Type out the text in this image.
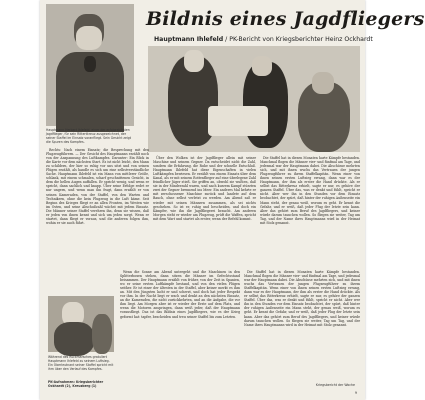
Bildnis eines Jagdfliegers
Hauptmann Ihlefeld / PK-Bericht von Kriegsberichter Heinz Ockhardt
Hauptmann Herbert Ihlefeld, einer der erfolgreichsten Jagdflieger, für sein Rittertkreuz ausgezeichnet, der seiner Staffel im Einsatz voranfliegt. Sein Gesicht zeigt die Spuren des Kampfes.

Rechts: Nach einem Einsatz; die Besprechung mit den Flugzeugführern. — Der Gesicht des Hauptmanns erzählt noch von der Anspannung des Luftkampfes. Darunter: Ein Blick in die Karte vor dem nächsten Start. Es ist nicht leicht, den Mann zu schildern, der hier so ruhig vor uns sitzt und von seinen Flügen erzählt, als handle es sich um eine selbstverständliche Sache. Hauptmann Ihlefeld ist ein Mann von mittlerer Größe, schlank, mit einem schmalen, scharf geschnittenen Gesicht, in dem die hellen Augen auffallen. Er spricht wenig, und wenn er spricht, dann sachlich und knapp. Über seine Erfolge redet er nur ungern, und wenn man ihn fragt, dann erzählt er von seinen Kameraden, von der Staffel, von den Warten und Technikern, ohne die kein Flugzeug in die Luft käme. Seit Beginn des Krieges fliegt er an allen Fronten, im Westen wie im Osten, und seine Abschußzahl wächst mit jedem Einsatz. Die Männer seiner Staffel verehren ihn, denn sie wissen, daß er jeden von ihnen kennt und sich um jeden sorgt. Wenn er startet, dann fliegt er voraus, und die anderen folgen ihm, wohin er sie auch führt.

Über den Wolken ist der Jagdflieger allein mit seiner Maschine und seinem Gegner. Da entscheidet nicht die Zahl, sondern die Erfahrung, die Ruhe und der schnelle Entschluß. Hauptmann Ihlefeld hat diese Eigenschaften in vielen Luftkämpfen bewiesen. Er erzählt von einem Einsatz über dem Kanal, als er mit seinem Rottenflieger auf eine überlegene Zahl feindlicher Jäger stieß. Sie griffen an, obwohl sie wußten, daß sie in der Minderzahl waren, und nach kurzem Kampf stürzten zwei der Gegner brennend ins Meer. Ein anderes Mal kehrte er mit zerschossener Maschine zurück und landete auf dem Bauch, ohne selbst verletzt zu werden. Am Abend saß er wieder mit seinen Männern zusammen, als sei nichts geschehen. So ist er, ruhig und bescheiden, und doch ein Kämpfer, wie ihn die Jagdfliegerei braucht. Am anderen Morgen steht er wieder am Flugzeug, prüft die Waffen, spricht mit dem Wart und startet als erster, wenn der Befehl kommt.

Die Staffel hat in diesen Monaten harte Kämpfe bestanden. Manchmal flogen die Männer vier- und fünfmal am Tage, und jedesmal war der Hauptmann dabei. Die Abschüsse mehrten sich, und mit ihnen wuchs das Vertrauen der jungen Flugzeugführer zu ihrem Staffelkapitän. Wenn einer von ihnen seinen ersten Luftsieg errang, dann war es der Hauptmann, der ihm als erster die Hand drückte. Als er selbst das Ritterkreuz erhielt, sagte er nur, es gehöre der ganzen Staffel. Über das, was er denkt und fühlt, spricht er nicht. Aber wer ihn in den Stunden vor dem Einsatz beobachtet, der spürt, daß hinter der ruhigen Außenseite ein Mann steht, der genau weiß, worum es geht. Er kennt die Gefahr, und er weiß, daß jeder Flug der letzte sein kann. Aber das gehört zum Beruf des Jagdfliegers, und keiner würde darum tauschen wollen. So fliegen sie weiter, Tag um Tag, und der Name ihres Hauptmanns wird in der Heimat mit Stolz genannt.

Während des Rückmarsches gratuliert Hauptmann Ihlefeld zu seinem Luftsieg. Ein Oberleutnant seiner Staffel spricht mit ihm über den Verlauf des Kampfes.
PK-Aufnahmen: Kriegsberichter Ockhardt (2), Kreuzberg (1)

Wenn die Sonne am Abend untergeht und die Maschinen in den Splitterboxen stehen, dann sitzen die Männer im Gefechtsstand beisammen. Der Hauptmann erzählt von früher, von der Zeit in Spanien, wo er seine ersten Luftkämpfe bestand, und von den vielen Flügen seither. Er ist einer der ältesten in der Staffel, aber keiner merkt es ihm an. Mit den Jüngsten lacht er und scherzt, und doch hat jeder Respekt vor ihm. In der Nacht liegt er wach und denkt an den nächsten Einsatz, an die Kameraden, die nicht zurückkehrten, und an die Aufgabe, die vor ihm liegt. Am Morgen aber ist er wieder der Erste auf dem Platz, und wenn die Motoren anspringen, dann weiß jeder, daß der Hauptmann vorausfliegt. Das ist das Bildnis eines Jagdfliegers, wie es der Krieg geformt hat: tapfer, bescheiden und treu seiner Staffel bis zum Letzten.

Die Staffel hat in diesen Monaten harte Kämpfe bestanden. Manchmal flogen die Männer vier- und fünfmal am Tage, und jedesmal war der Hauptmann dabei. Die Abschüsse mehrten sich, und mit ihnen wuchs das Vertrauen der jungen Flugzeugführer zu ihrem Staffelkapitän. Wenn einer von ihnen seinen ersten Luftsieg errang, dann war es der Hauptmann, der ihm als erster die Hand drückte. Als er selbst das Ritterkreuz erhielt, sagte er nur, es gehöre der ganzen Staffel. Über das, was er denkt und fühlt, spricht er nicht. Aber wer ihn in den Stunden vor dem Einsatz beobachtet, der spürt, daß hinter der ruhigen Außenseite ein Mann steht, der genau weiß, worum es geht. Er kennt die Gefahr, und er weiß, daß jeder Flug der letzte sein kann. Aber das gehört zum Beruf des Jagdfliegers, und keiner würde darum tauschen wollen. So fliegen sie weiter, Tag um Tag, und der Name ihres Hauptmanns wird in der Heimat mit Stolz genannt.

Kriegsbericht der Woche
9
